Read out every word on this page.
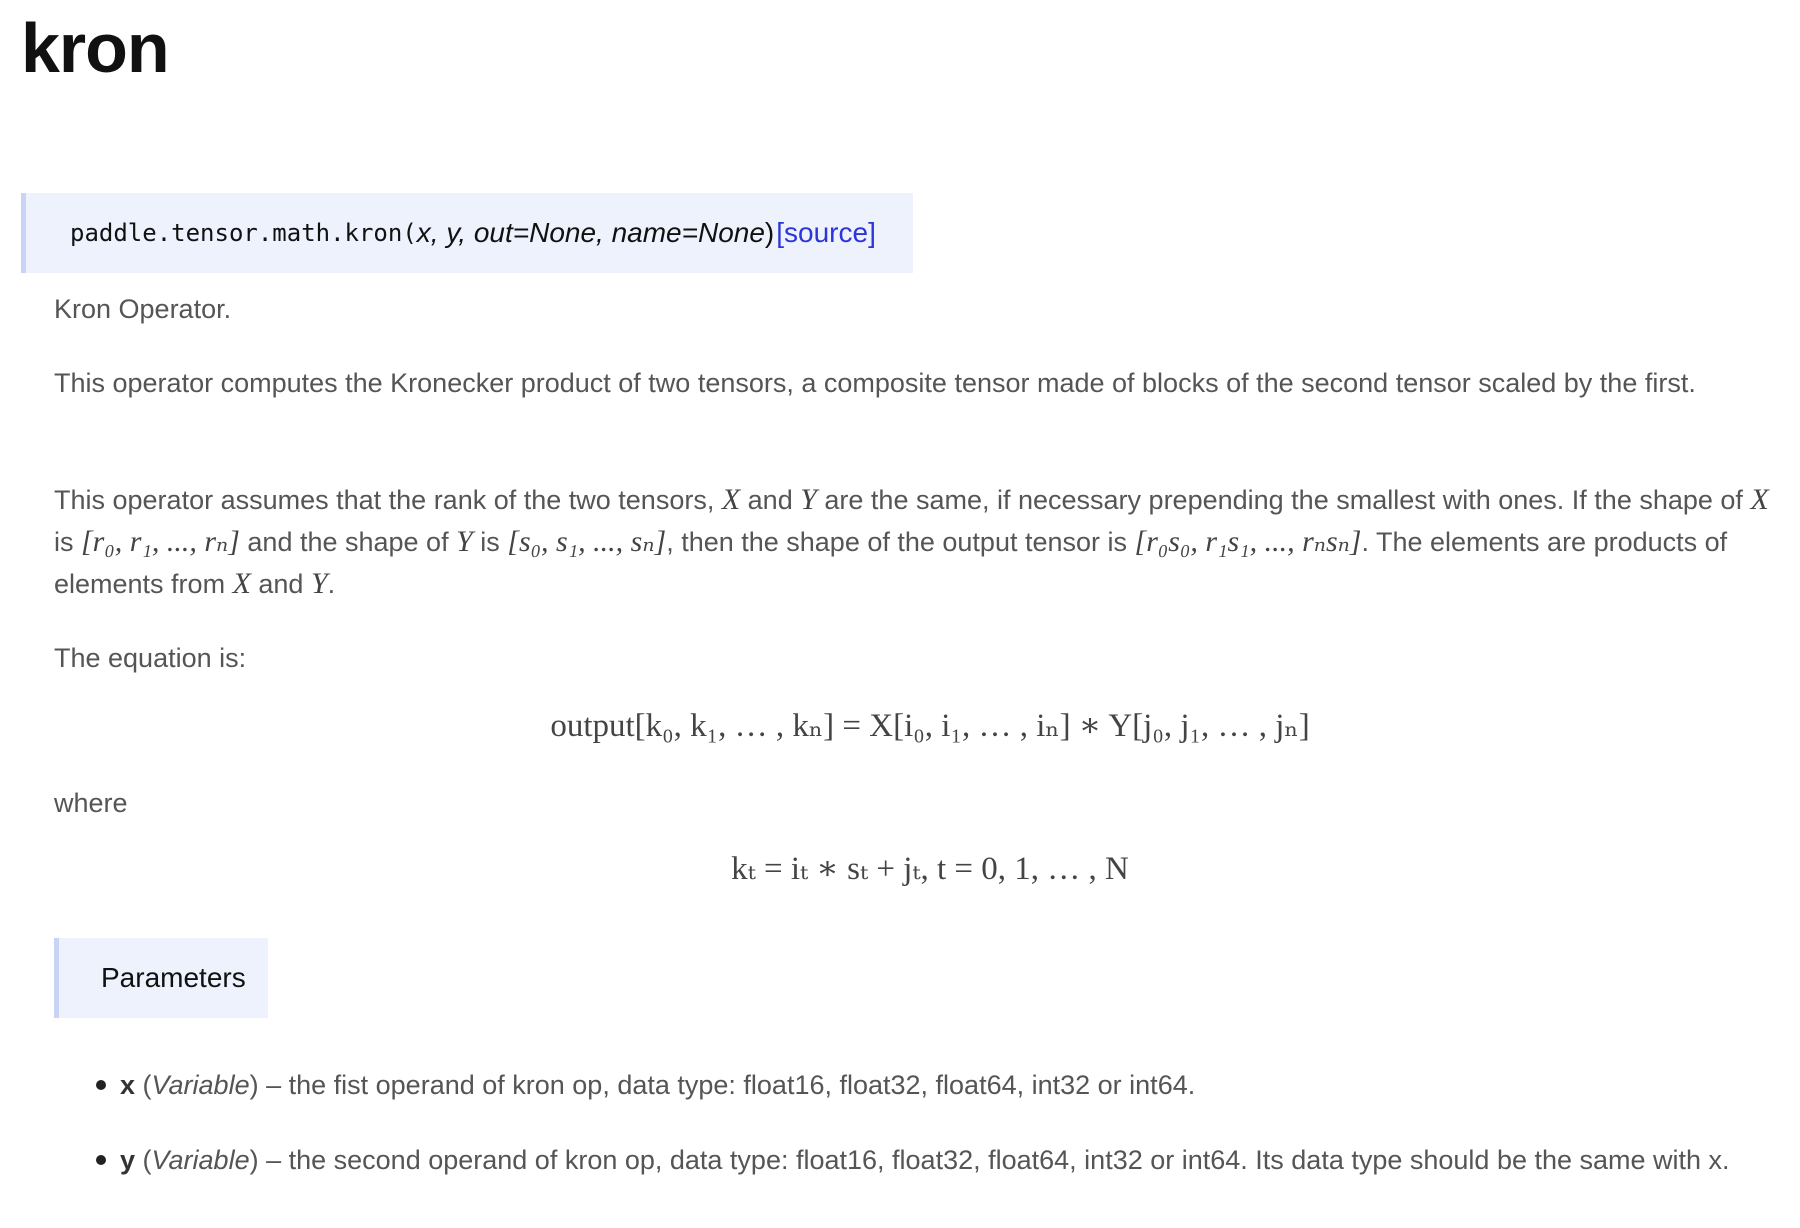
kron
paddle.tensor.math.kron( x, y, out=None, name=None ) [source]

Kron Operator.

This operator computes the Kronecker product of two tensors, a composite tensor made of blocks of the second tensor scaled by the first.

This operator assumes that the rank of the two tensors, X and Y are the same, if necessary prepending the smallest with ones. If the shape of X is [r₀, r₁, ..., rₙ] and the shape of Y is [s₀, s₁, ..., sₙ], then the shape of the output tensor is [r₀s₀, r₁s₁, ..., rₙsₙ]. The elements are products of elements from X and Y.

The equation is:

output[k₀, k₁, … , kₙ] = X[i₀, i₁, … , iₙ] ∗ Y[j₀, j₁, … , jₙ]

where

kₜ = iₜ ∗ sₜ + jₜ, t = 0, 1, … , N
Parameters
x (Variable) – the fist operand of kron op, data type: float16, float32, float64, int32 or int64.
y (Variable) – the second operand of kron op, data type: float16, float32, float64, int32 or int64. Its data type should be the same with x.
